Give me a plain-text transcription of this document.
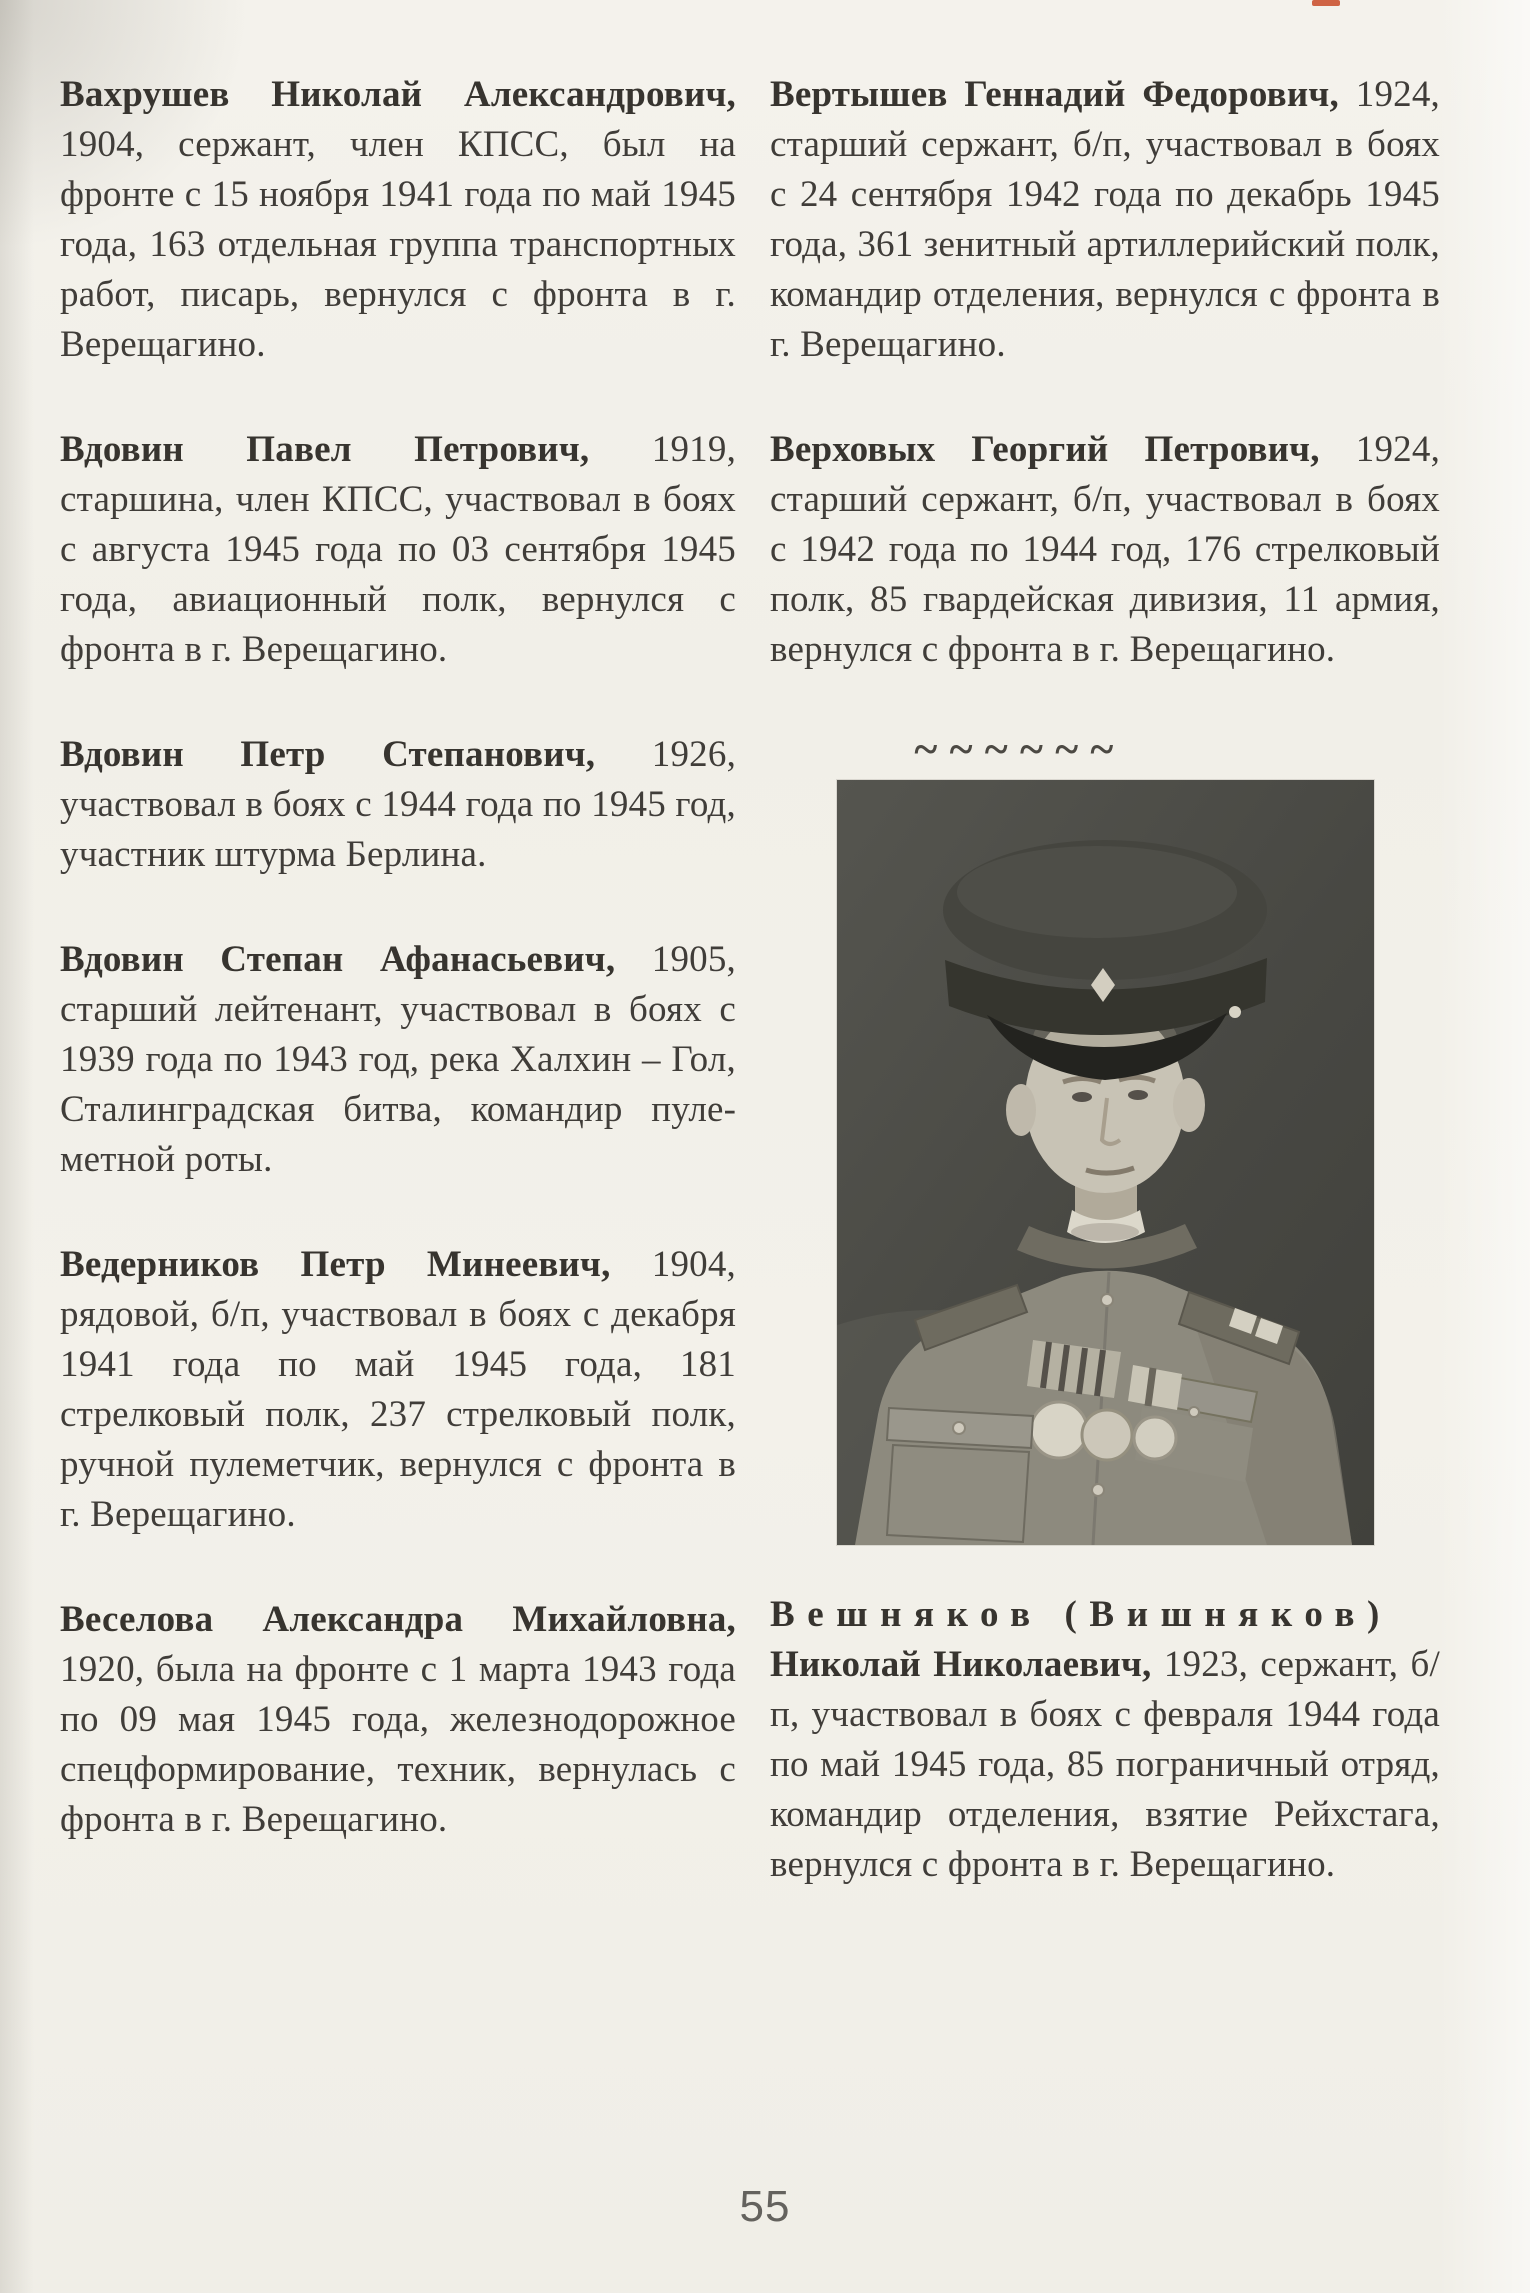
Вахрушев Николай Александрович, 1904, сержант, член КПСС, был на фронте с 15 ноября 1941 года по май 1945 года, 163 отдельная группа транспортных работ, писарь, вернулся с фронта в г. Верещагино.

Вдовин Павел Петрович, 1919, старшина, член КПСС, участвовал в боях с августа 1945 года по 03 сентября 1945 года, авиационный полк, вернулся с фронта в г. Верещагино.

Вдовин Петр Степанович, 1926, участвовал в боях с 1944 года по 1945 год, участник штурма Берлина.

Вдовин Степан Афанасьевич, 1905, старший лейтенант, участвовал в боях с 1939 года по 1943 год, река Халхин – Гол, Сталинградская битва, командир пулеметной роты.

Ведерников Петр Минеевич, 1904, рядовой, б/п, участвовал в боях с декабря 1941 года по май 1945 года, 181 стрелковый полк, 237 стрелковый полк, ручной пулеметчик, вернулся с фронта в г. Верещагино.

Веселова Александра Михайловна, 1920, была на фронте с 1 марта 1943 года по 09 мая 1945 года, железнодорожное спецформирование, техник, вернулась с фронта в г. Верещагино.

Вертышев Геннадий Федорович, 1924, старший сержант, б/п, участвовал в боях с 24 сентября 1942 года по декабрь 1945 года, 361 зенитный артиллерийский полк, командир отделения, вернулся с фронта в г. Верещагино.

Верховых Георгий Петрович, 1924, старший сержант, б/п, участвовал в боях с 1942 года по 1944 год, 176 стрелковый полк, 85 гвардейская дивизия, 11 армия, вернулся с фронта в г. Верещагино.

~~~~~~

Вешняков (Вишняков)
Николай Николаевич, 1923, сержант, б/п, участвовал в боях с февраля 1944 года по май 1945 года, 85 пограничный отряд, командир отделения, взятие Рейхстага, вернулся с фронта в г. Верещагино.

55
